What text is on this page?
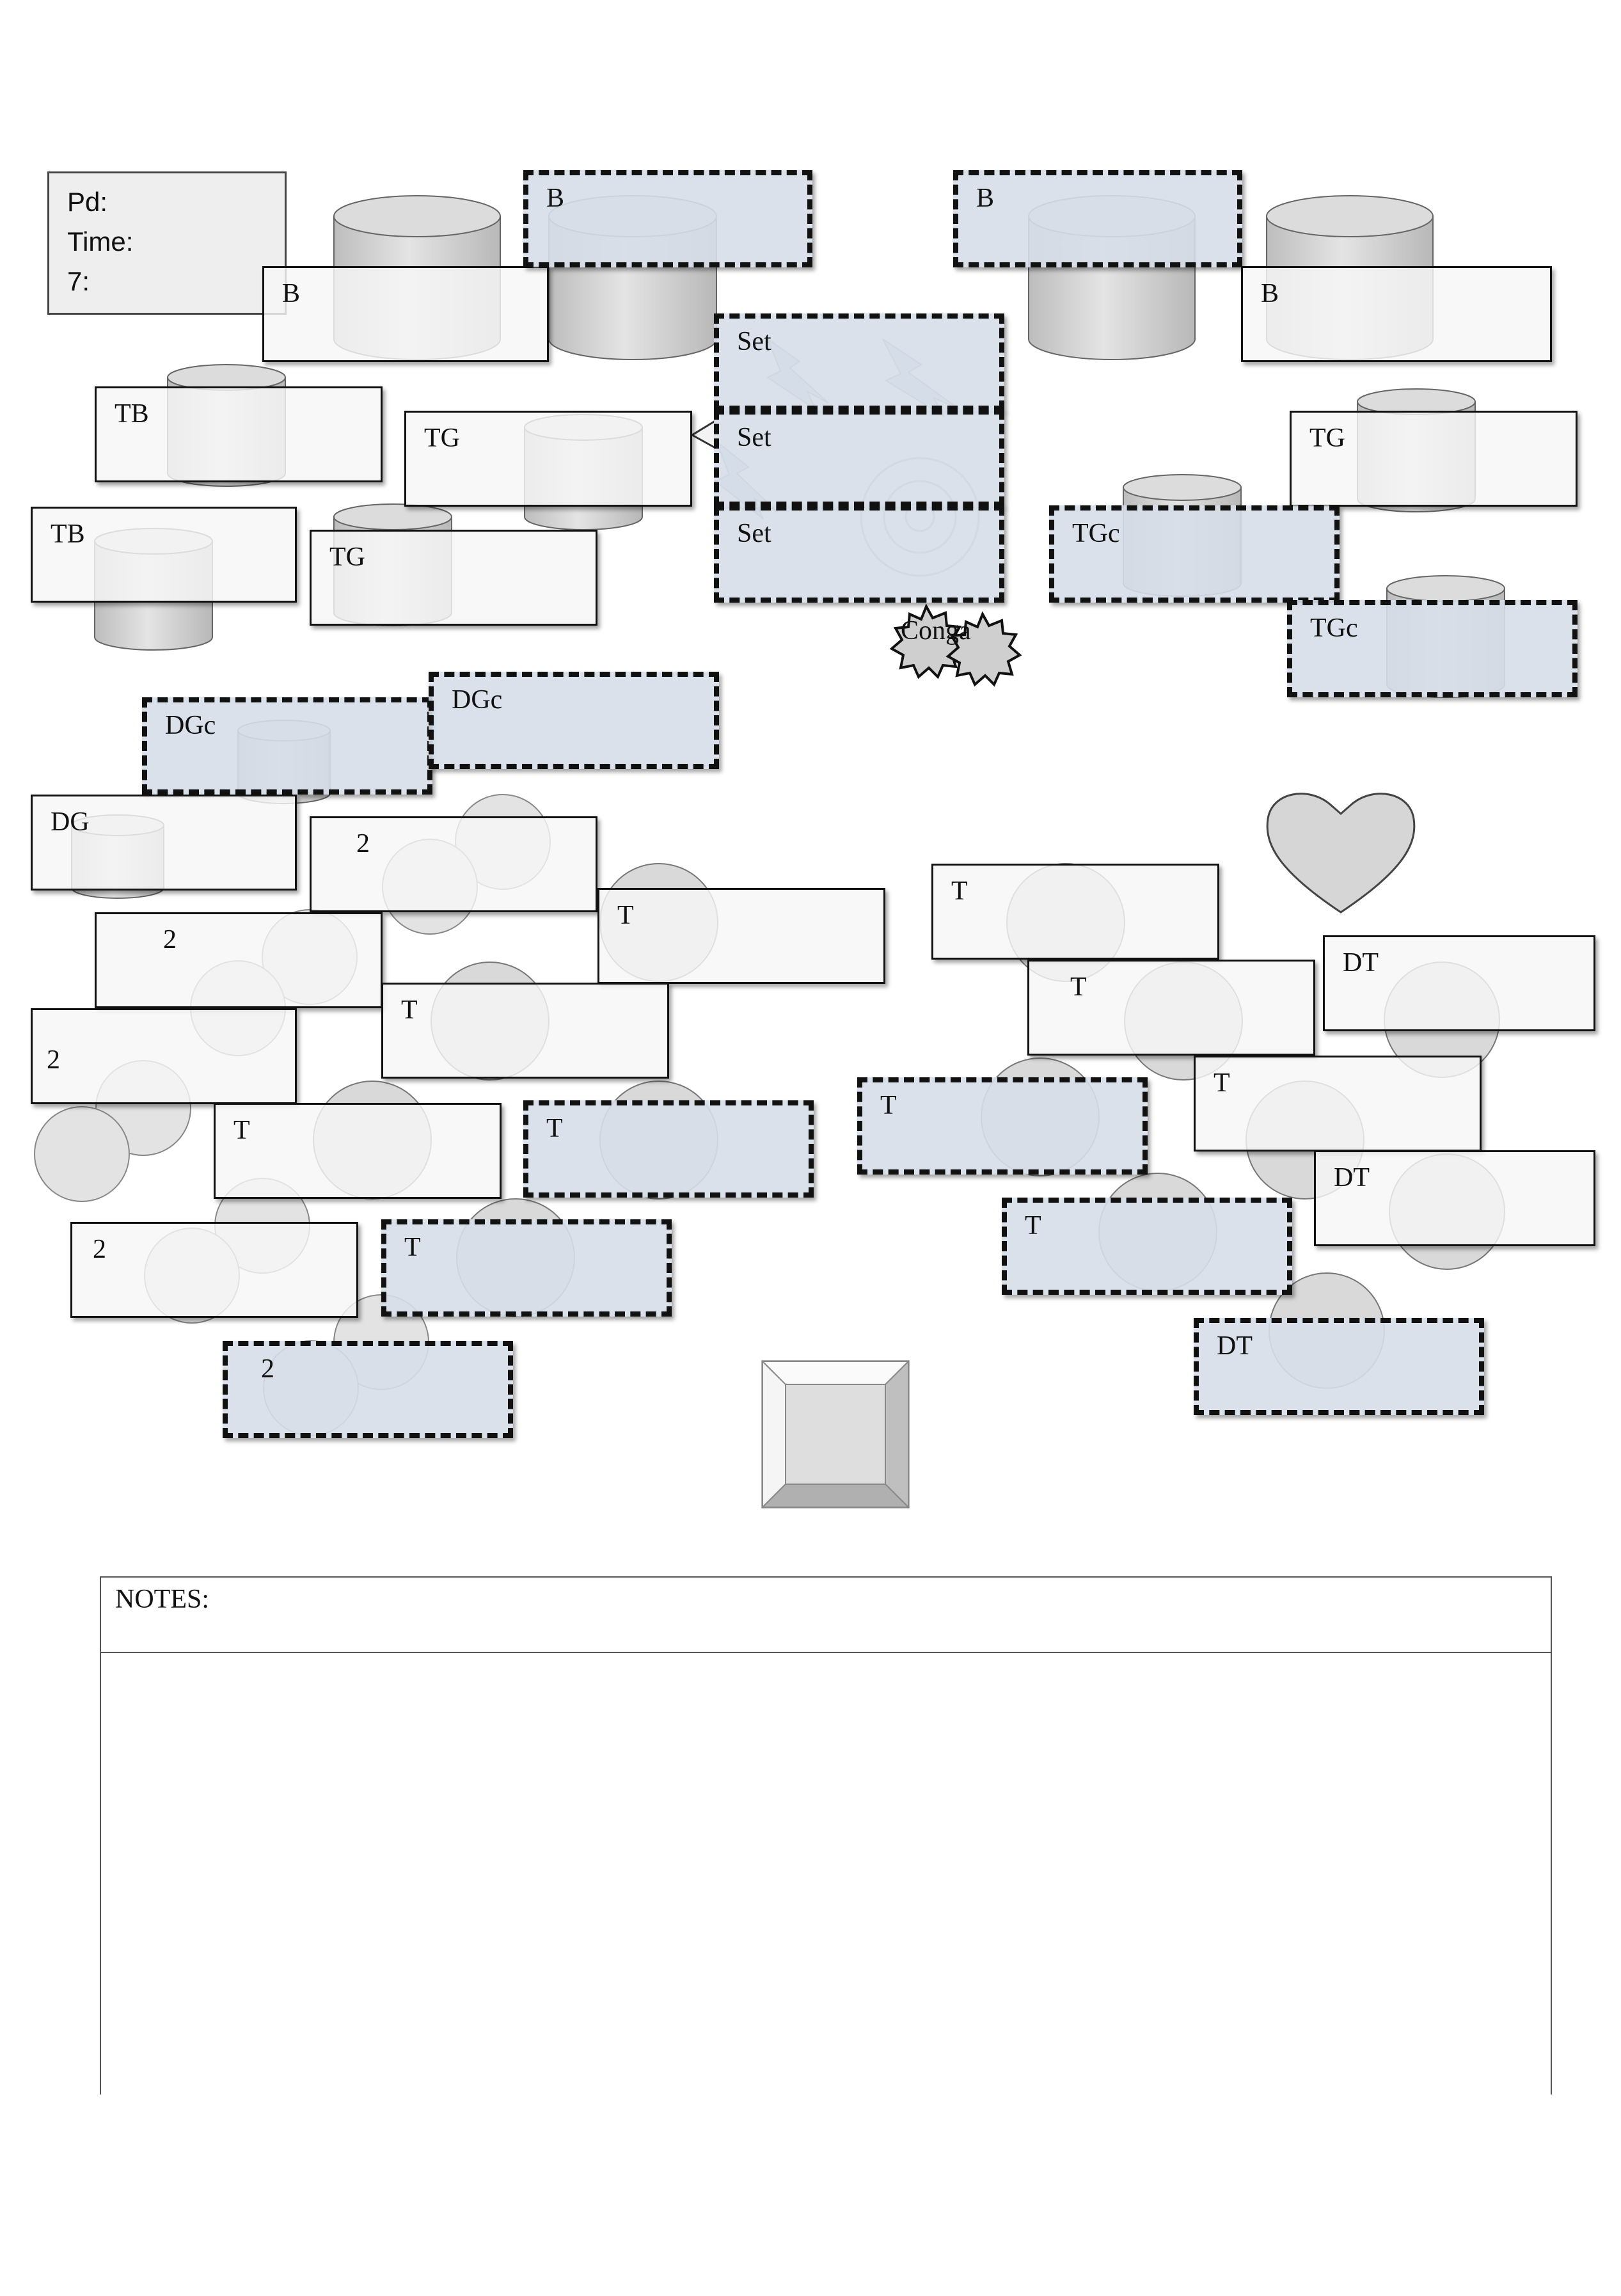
Pd:
Time:
7:	B
B	B
B
Set
Set
Set
TB
TB
TG
TG
TG
TGc
TGc
DGc
DGc
DG
2
2
2
2
2
T
T
T	T
T
T
T
T
T
T
DT
DT
DT
Conga
NOTES:
